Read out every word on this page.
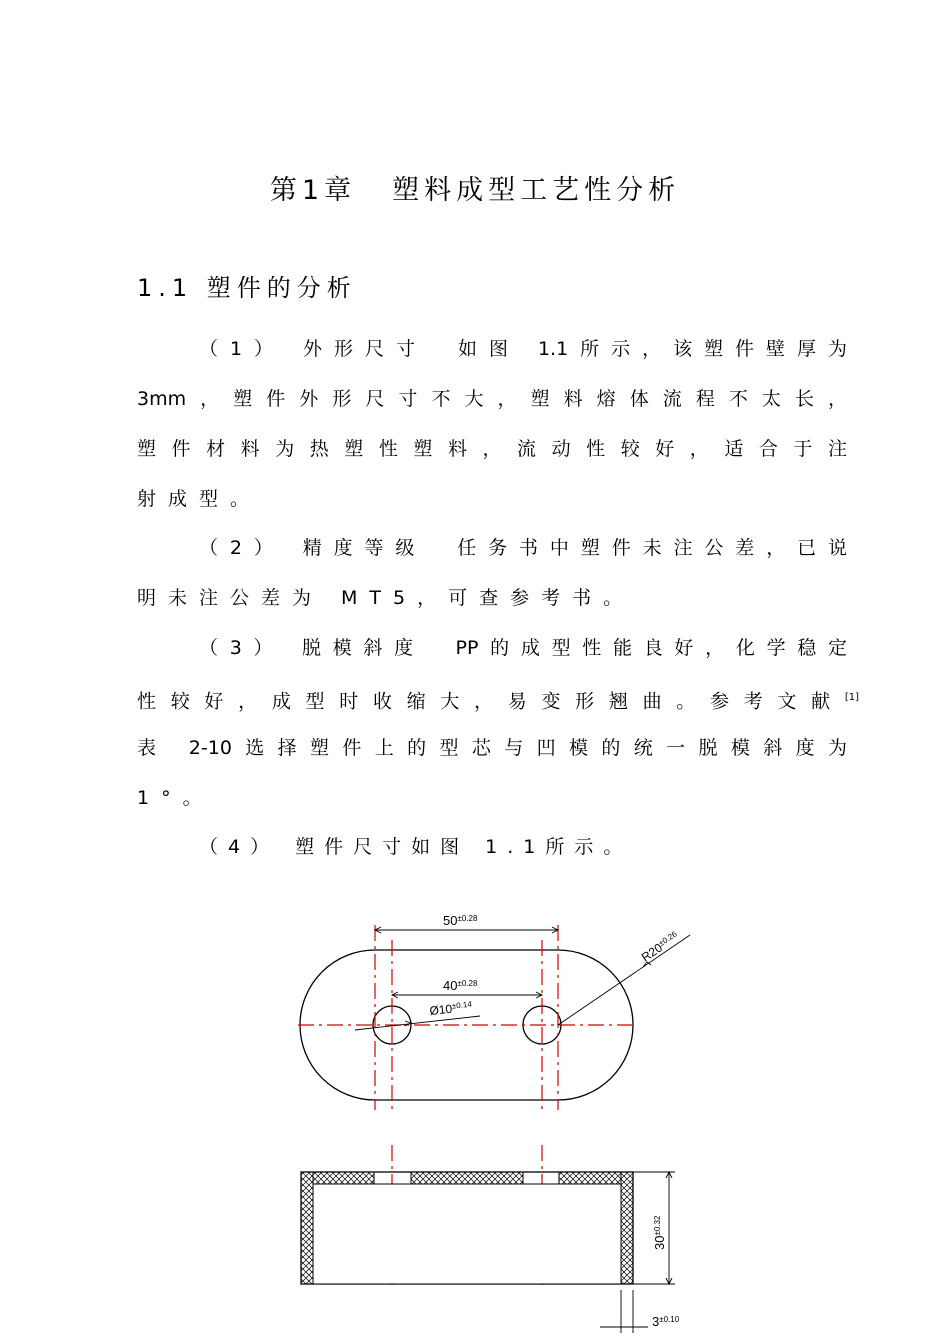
第1章 塑料成型工艺性分析
1.1 塑件的分析
（1） 外形尺寸　如图 1.1所示，该塑件壁厚为
3mm，塑件外形尺寸不大，塑料熔体流程不太长，
塑件材料为热塑性塑料，流动性较好，适合于注
射成型。
（2） 精度等级　任务书中塑件未注公差，已说
明未注公差为 MT5，可查参考书。
（3） 脱模斜度　PP的成型性能良好，化学稳定
性较好，成型时收缩大，易变形翘曲。参考文献[1]
表 2-10选择塑件上的型芯与凹模的统一脱模斜度为
1°。
（4） 塑件尺寸如图 1.1所示。
$50^{\pm 0.28}$
$40^{\pm 0.28}$
$Ø10^{\pm 0.14}$
$R20^{\pm 0.26}$
$30^{\pm 0.32}$
$3^{\pm 0.10}$
